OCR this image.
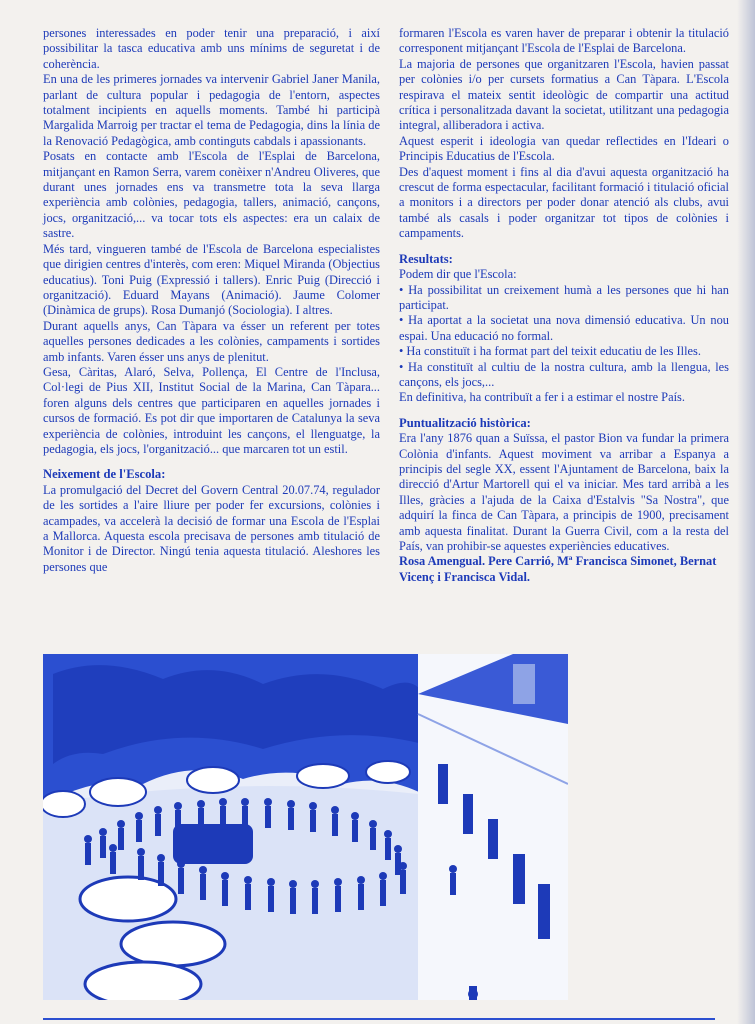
persones interessades en poder tenir una preparació, i així possibilitar la tasca educativa amb uns mínims de seguretat i de coherència.

En una de les primeres jornades va intervenir Gabriel Janer Manila, parlant de cultura popular i pedagogia de l'entorn, aspectes totalment incipients en aquells moments. També hi participà Margalida Marroig per tractar el tema de Pedagogia, dins la línia de la Renovació Pedagògica, amb continguts cabdals i apassionants.

Posats en contacte amb l'Escola de l'Esplai de Barcelona, mitjançant en Ramon Serra, varem conèixer n'Andreu Oliveres, que durant unes jornades ens va transmetre tota la seva llarga experiència amb colònies, pedagogia, tallers, animació, cançons, jocs, organització,... va tocar tots els aspectes: era un calaix de sastre.

Més tard, vingueren també de l'Escola de Barcelona especialistes que dirigien centres d'interès, com eren: Miquel Miranda (Objectius educatius). Toni Puig (Expressió i tallers). Enric Puig (Direcció i organització). Eduard Mayans (Animació). Jaume Colomer (Dinàmica de grups). Rosa Dumanjó (Sociologia). I altres.

Durant aquells anys, Can Tàpara va ésser un referent per totes aquelles persones dedicades a les colònies, campaments i sortides amb infants. Varen ésser uns anys de plenitut.

Gesa, Càritas, Alaró, Selva, Pollença, El Centre de l'Inclusa, Col·legi de Pius XII, Institut Social de la Marina, Can Tàpara... foren alguns dels centres que participaren en aquelles jornades i cursos de formació. Es pot dir que importaren de Catalunya la seva experiència de colònies, introduint les cançons, el llenguatge, la pedagogia, els jocs, l'organització... que marcaren tot un estil.

Neixement de l'Escola:

La promulgació del Decret del Govern Central 20.07.74, regulador de les sortides a l'aire lliure per poder fer excursions, colònies i acampades, va accelerà la decisió de formar una Escola de l'Esplai a Mallorca. Aquesta escola precisava de persones amb titulació de Monitor i de Director. Ningú tenia aquesta titulació. Aleshores les persones que

formaren l'Escola es varen haver de preparar i obtenir la titulació corresponent mitjançant l'Escola de l'Esplai de Barcelona.

La majoria de persones que organitzaren l'Escola, havien passat per colònies i/o per cursets formatius a Can Tàpara. L'Escola respirava el mateix sentit ideològic de compartir una actitud crítica i personalitzada davant la societat, utilitzant una pedagogia integral, alliberadora i activa.

Aquest esperit i ideologia van quedar reflectides en l'Ideari o Principis Educatius de l'Escola.

Des d'aquest moment i fins al dia d'avui aquesta organització ha crescut de forma espectacular, facilitant formació i titulació oficial a monitors i a directors per poder donar atenció als clubs, avui també als casals i poder organitzar tot tipos de colònies i campaments.

Resultats:

Podem dir que l'Escola:

• Ha possibilitat un creixement humà a les persones que hi han participat.

• Ha aportat a la societat una nova dimensió educativa. Un nou espai. Una educació no formal.

• Ha constituït i ha format part del teixit educatiu de les Illes.

• Ha constituït al cultiu de la nostra cultura, amb la llengua, les cançons, els jocs,...

En definitiva, ha contribuït a fer i a estimar el nostre País.

Puntualització històrica:

Era l'any 1876 quan a Suïssa, el pastor Bion va fundar la primera Colònia d'infants. Aquest moviment va arribar a Espanya a principis del segle XX, essent l'Ajuntament de Barcelona, baix la direcció d'Artur Martorell qui el va iniciar. Mes tard arribà a les Illes, gràcies a l'ajuda de la Caixa d'Estalvis "Sa Nostra", que adquirí la finca de Can Tàpara, a principis de 1900, precisament amb aquesta finalitat. Durant la Guerra Civil, com a la resta del País, van prohibir-se aquestes experiències educatives.

Rosa Amengual. Pere Carrió, Mª Francisca Simonet, Bernat Vicenç i Francisca Vidal.
